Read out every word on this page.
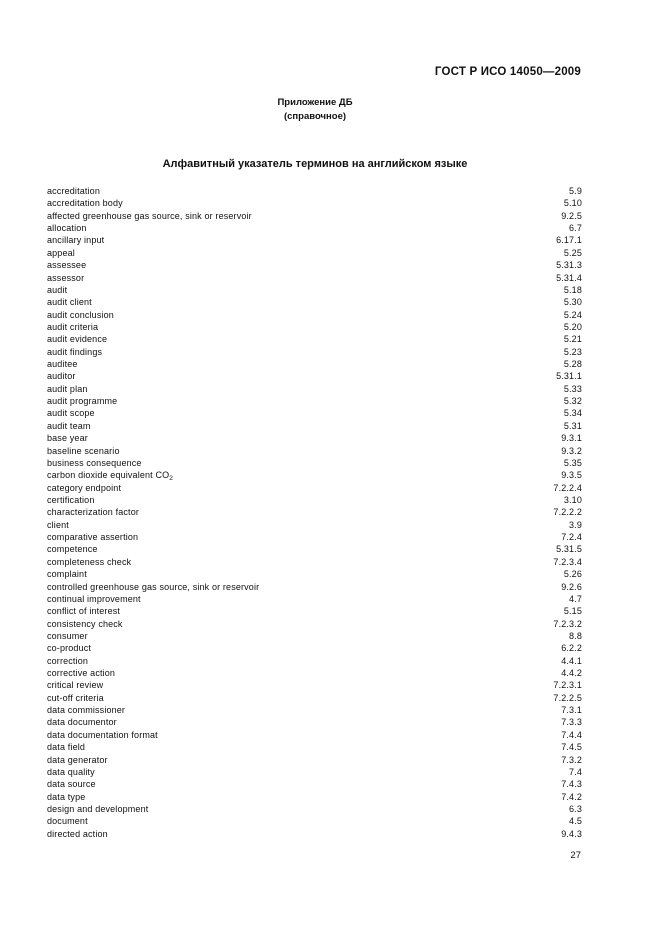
ГОСТ Р ИСО 14050—2009
Приложение ДБ
(справочное)
Алфавитный указатель терминов на английском языке
accreditation	5.9
accreditation body	5.10
affected greenhouse gas source, sink or reservoir	9.2.5
allocation	6.7
ancillary input	6.17.1
appeal	5.25
assessee	5.31.3
assessor	5.31.4
audit	5.18
audit client	5.30
audit conclusion	5.24
audit criteria	5.20
audit evidence	5.21
audit findings	5.23
auditee	5.28
auditor	5.31.1
audit plan	5.33
audit programme	5.32
audit scope	5.34
audit team	5.31
base year	9.3.1
baseline scenario	9.3.2
business consequence	5.35
carbon dioxide equivalent $CO_2$	9.3.5
category endpoint	7.2.2.4
certification	3.10
characterization factor	7.2.2.2
client	3.9
comparative assertion	7.2.4
competence	5.31.5
completeness check	7.2.3.4
complaint	5.26
controlled greenhouse gas source, sink or reservoir	9.2.6
continual improvement	4.7
conflict of interest	5.15
consistency check	7.2.3.2
consumer	8.8
co-product	6.2.2
correction	4.4.1
corrective action	4.4.2
critical review	7.2.3.1
cut-off criteria	7.2.2.5
data commissioner	7.3.1
data documentor	7.3.3
data documentation format	7.4.4
data field	7.4.5
data generator	7.3.2
data quality	7.4
data source	7.4.3
data type	7.4.2
design and development	6.3
document	4.5
directed action	9.4.3
27
